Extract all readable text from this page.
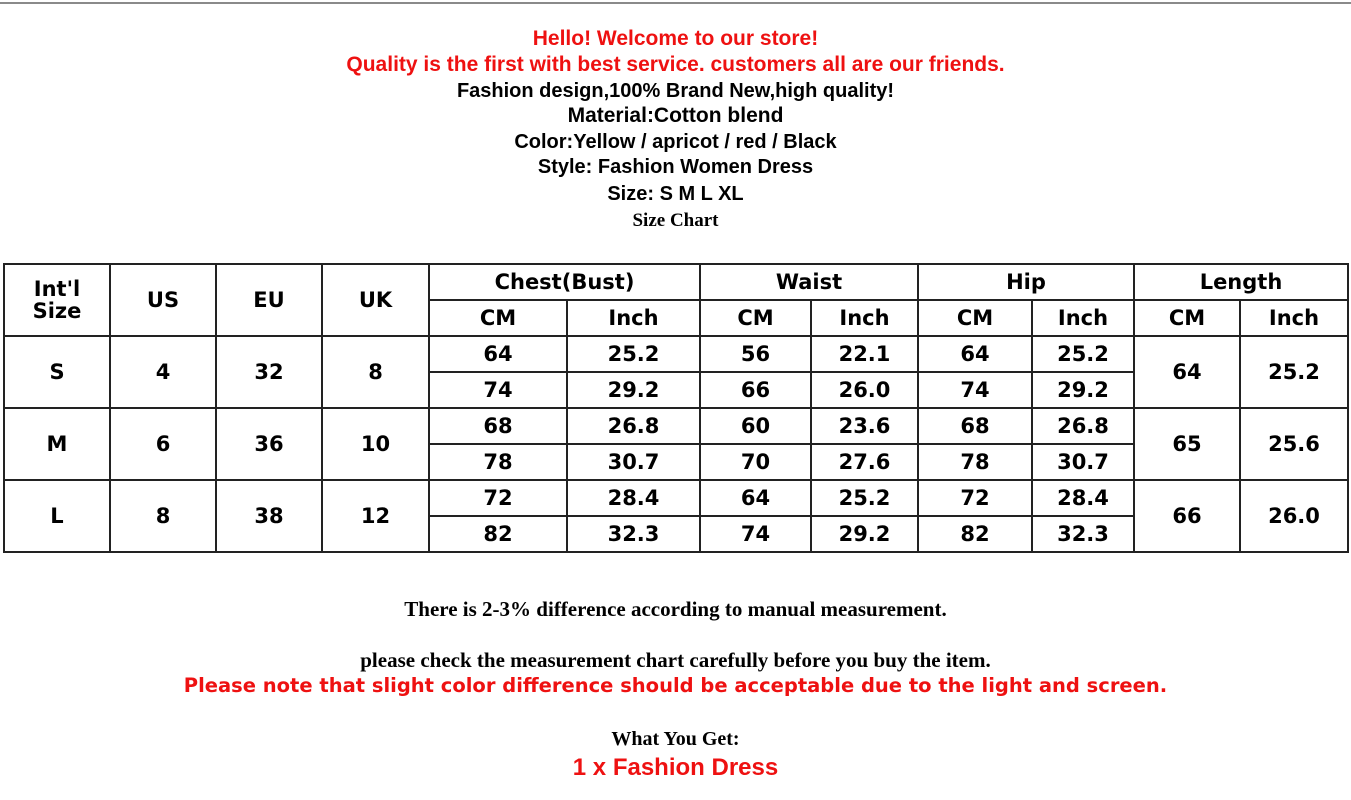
Hello! Welcome to our store!
Quality is the first with best service. customers all are our friends.
Fashion design,100% Brand New,high quality!
Material:Cotton blend
Color:Yellow / apricot / red / Black
Style: Fashion Women Dress
Size: S M L XL
Size Chart
Int'l
Size	US	EU	UK	Chest(Bust)		Waist		Hip		Length	
				CM	Inch	CM	Inch	CM	Inch	CM	Inch
S	4	32	8	64	25.2	56	22.1	64	25.2	64	25.2
				74	29.2	66	26.0	74	29.2		
M	6	36	10	68	26.8	60	23.6	68	26.8	65	25.6
				78	30.7	70	27.6	78	30.7		
L	8	38	12	72	28.4	64	25.2	72	28.4	66	26.0
				82	32.3	74	29.2	82	32.3		
There is 2-3% difference according to manual measurement.
please check the measurement chart carefully before you buy the item.
Please note that slight color difference should be acceptable due to the light and screen.
What You Get:
1 x Fashion Dress
